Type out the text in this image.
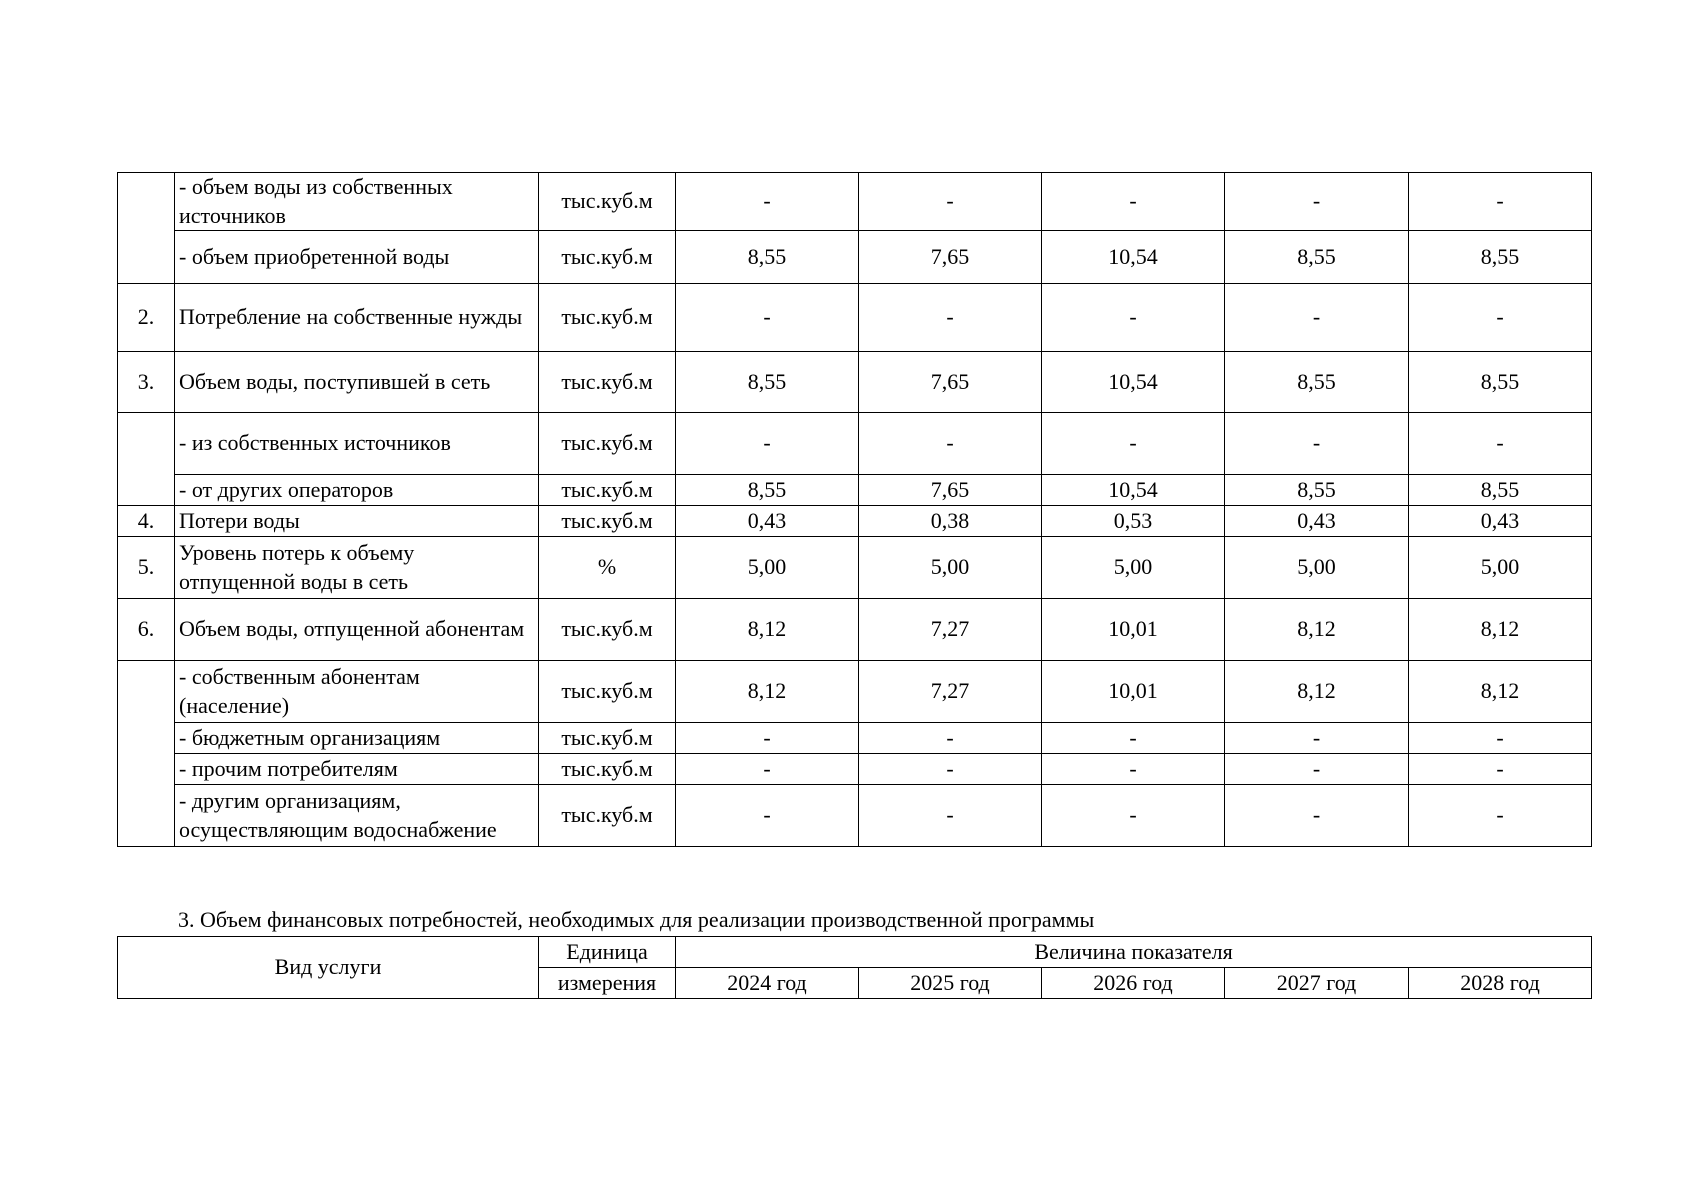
	- объем воды из собственных источников	тыс.куб.м	-	-	-	-	-
	- объем приобретенной воды	тыс.куб.м	8,55	7,65	10,54	8,55	8,55
2.	Потребление на собственные нужды	тыс.куб.м	-	-	-	-	-
3.	Объем воды, поступившей в сеть	тыс.куб.м	8,55	7,65	10,54	8,55	8,55
	- из собственных источников	тыс.куб.м	-	-	-	-	-
	- от других операторов	тыс.куб.м	8,55	7,65	10,54	8,55	8,55
4.	Потери воды	тыс.куб.м	0,43	0,38	0,53	0,43	0,43
5.	Уровень потерь к объему отпущенной воды в сеть	%	5,00	5,00	5,00	5,00	5,00
6.	Объем воды, отпущенной абонентам	тыс.куб.м	8,12	7,27	10,01	8,12	8,12
	- собственным абонентам (население)	тыс.куб.м	8,12	7,27	10,01	8,12	8,12
	- бюджетным организациям	тыс.куб.м	-	-	-	-	-
	- прочим потребителям	тыс.куб.м	-	-	-	-	-
	- другим организациям, осуществляющим водоснабжение	тыс.куб.м	-	-	-	-	-
3. Объем финансовых потребностей, необходимых для реализации производственной программы
Вид услуги	Единица	Величина показателя				
	измерения	2024 год	2025 год	2026 год	2027 год	2028 год
